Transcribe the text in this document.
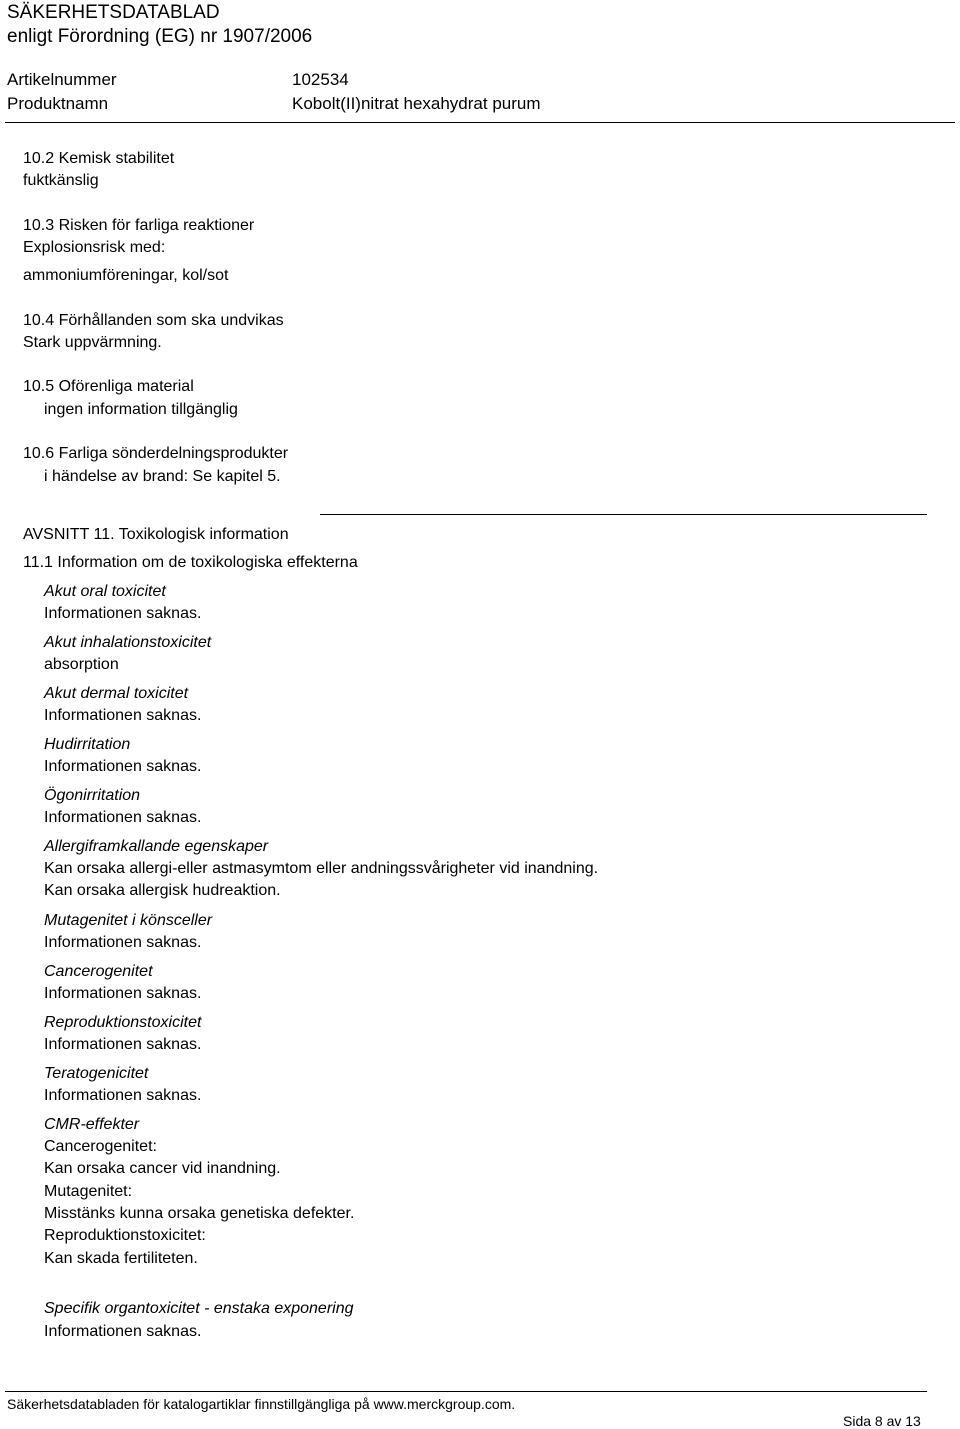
SÄKERHETSDATABLAD
enligt Förordning (EG) nr 1907/2006
Artikelnummer	102534
Produktnamn	Kobolt(II)nitrat hexahydrat purum
10.2 Kemisk stabilitet
fuktkänslig
10.3 Risken för farliga reaktioner
Explosionsrisk med:
ammoniumföreningar, kol/sot
10.4 Förhållanden som ska undvikas
Stark uppvärmning.
10.5 Oförenliga material
ingen information tillgänglig
10.6 Farliga sönderdelningsprodukter
i händelse av brand: Se kapitel 5.
AVSNITT 11. Toxikologisk information
11.1 Information om de toxikologiska effekterna
Akut oral toxicitet
Informationen saknas.
Akut inhalationstoxicitet
absorption
Akut dermal toxicitet
Informationen saknas.
Hudirritation
Informationen saknas.
Ögonirritation
Informationen saknas.
Allergiframkallande egenskaper
Kan orsaka allergi-eller astmasymtom eller andningssvårigheter vid inandning.
Kan orsaka allergisk hudreaktion.
Mutagenitet i könsceller
Informationen saknas.
Cancerogenitet
Informationen saknas.
Reproduktionstoxicitet
Informationen saknas.
Teratogenicitet
Informationen saknas.
CMR-effekter
Cancerogenitet:
Kan orsaka cancer vid inandning.
Mutagenitet:
Misstänks kunna orsaka genetiska defekter.
Reproduktionstoxicitet:
Kan skada fertiliteten.
Specifik organtoxicitet - enstaka exponering
Informationen saknas.
Säkerhetsdatabladen för katalogartiklar finnstillgängliga på www.merckgroup.com.
Sida 8 av 13
